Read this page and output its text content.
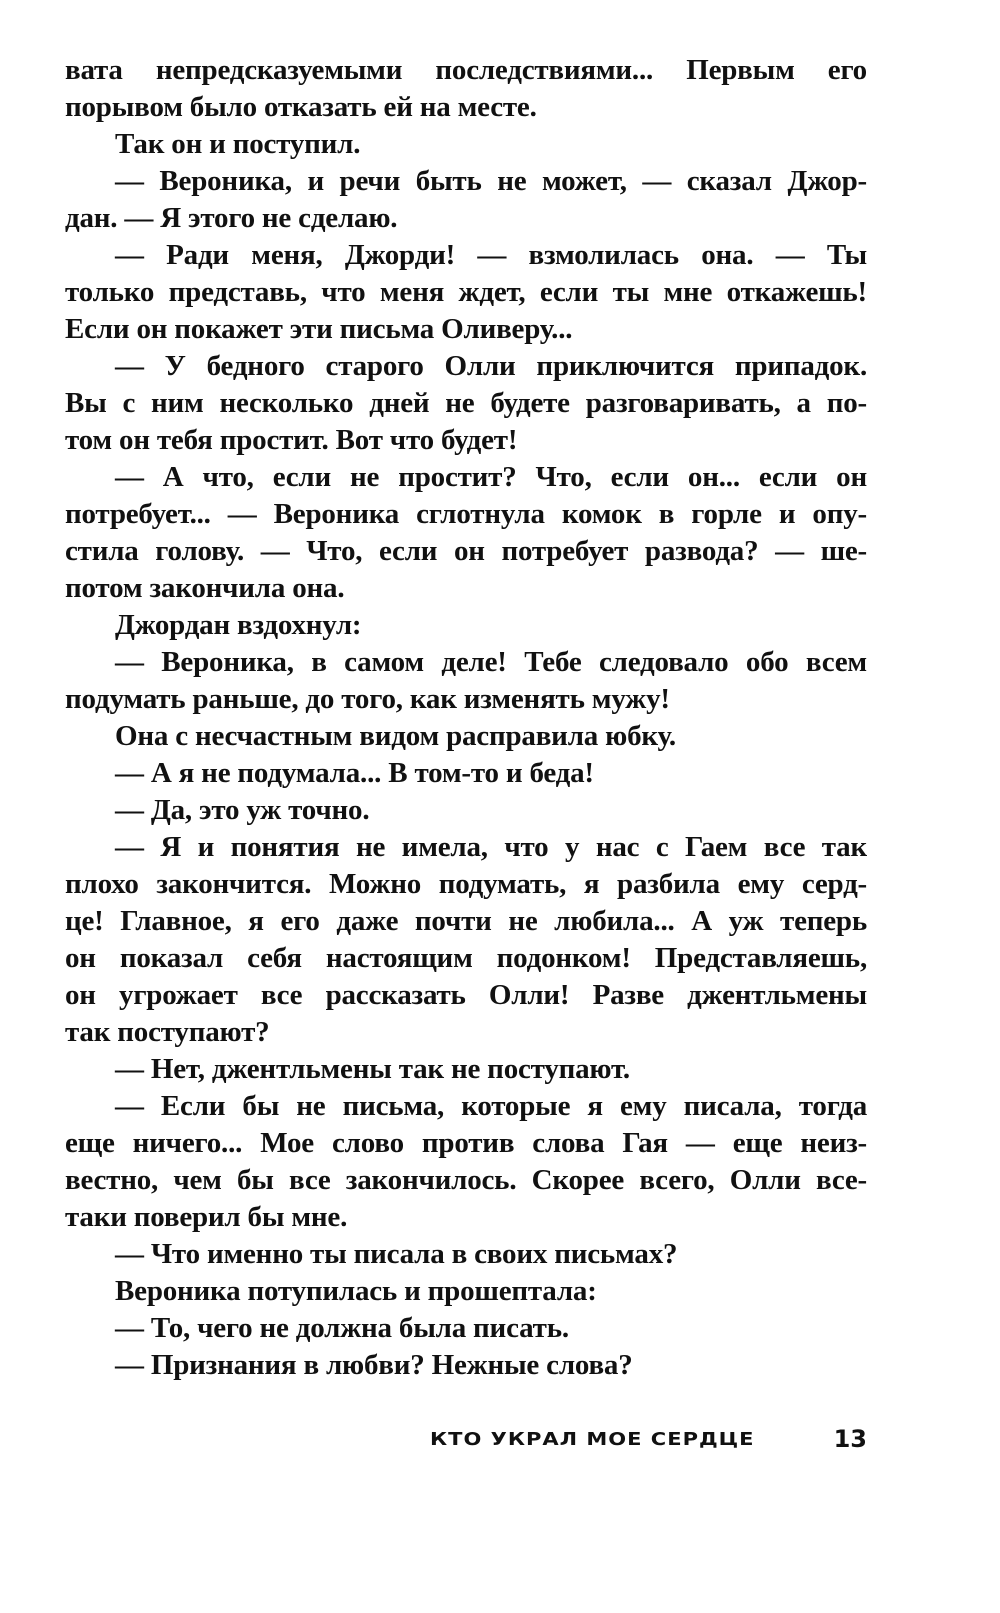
вата непредсказуемыми последствиями... Первым его
порывом было отказать ей на месте.
Так он и поступил.
— Вероника, и речи быть не может, — сказал Джор-
дан. — Я этого не сделаю.
— Ради меня, Джорди! — взмолилась она. — Ты
только представь, что меня ждет, если ты мне откажешь!
Если он покажет эти письма Оливеру...
— У бедного старого Олли приключится припадок.
Вы с ним несколько дней не будете разговаривать, а по-
том он тебя простит. Вот что будет!
— А что, если не простит? Что, если он... если он
потребует... — Вероника сглотнула комок в горле и опу-
стила голову. — Что, если он потребует развода? — ше-
потом закончила она.
Джордан вздохнул:
— Вероника, в самом деле! Тебе следовало обо всем
подумать раньше, до того, как изменять мужу!
Она с несчастным видом расправила юбку.
— А я не подумала... В том-то и беда!
— Да, это уж точно.
— Я и понятия не имела, что у нас с Гаем все так
плохо закончится. Можно подумать, я разбила ему серд-
це! Главное, я его даже почти не любила... А уж теперь
он показал себя настоящим подонком! Представляешь,
он угрожает все рассказать Олли! Разве джентльмены
так поступают?
— Нет, джентльмены так не поступают.
— Если бы не письма, которые я ему писала, тогда
еще ничего... Мое слово против слова Гая — еще неиз-
вестно, чем бы все закончилось. Скорее всего, Олли все-
таки поверил бы мне.
— Что именно ты писала в своих письмах?
Вероника потупилась и прошептала:
— То, чего не должна была писать.
— Признания в любви? Нежные слова?
КТО УКРАЛ МОЕ СЕРДЦЕ	13
